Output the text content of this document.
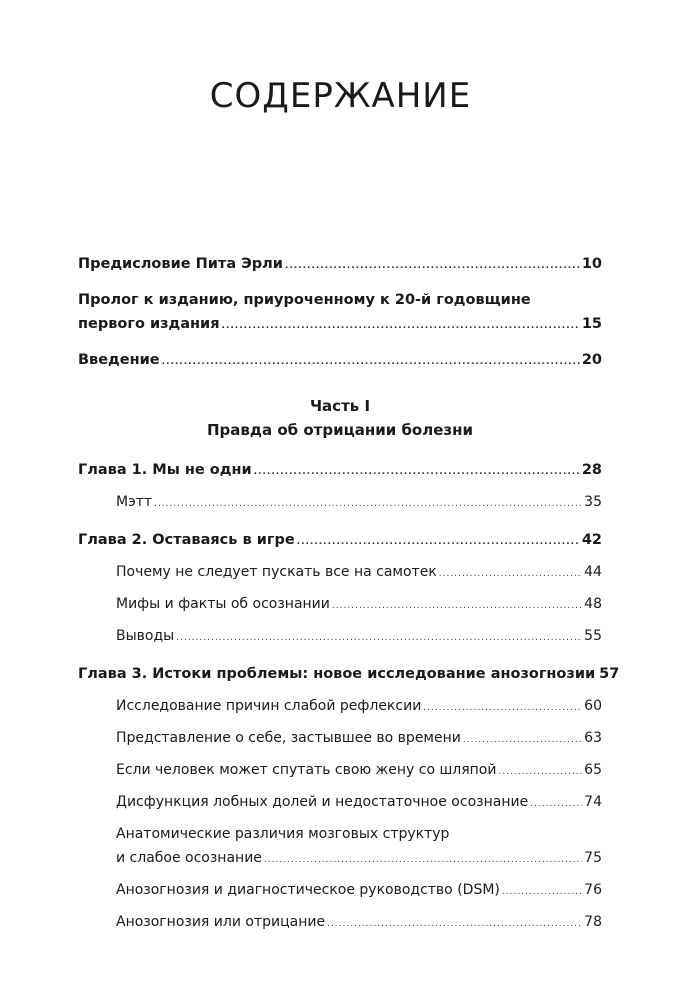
СОДЕРЖАНИЕ
Предисловие Пита Эрли .....	10
Пролог к изданию, приуроченному к 20-й годовщине
первого издания .....	15
Введение .....	20
Часть I
Правда об отрицании болезни
Глава 1. Мы не одни .....	28
Мэтт .....	35
Глава 2. Оставаясь в игре .....	42
Почему не следует пускать все на самотек .....	44
Мифы и факты об осознании .....	48
Выводы .....	55
Глава 3. Истоки проблемы: новое исследование анозогнозии 57
Исследование причин слабой рефлексии .....	60
Представление о себе, застывшее во времени .....	63
Если человек может спутать свою жену со шляпой .....	65
Дисфункция лобных долей и недостаточное осознание .....	74
Анатомические различия мозговых структур
и слабое осознание .....	75
Анозогнозия и диагностическое руководство (DSM) .....	76
Анозогнозия или отрицание .....	78
